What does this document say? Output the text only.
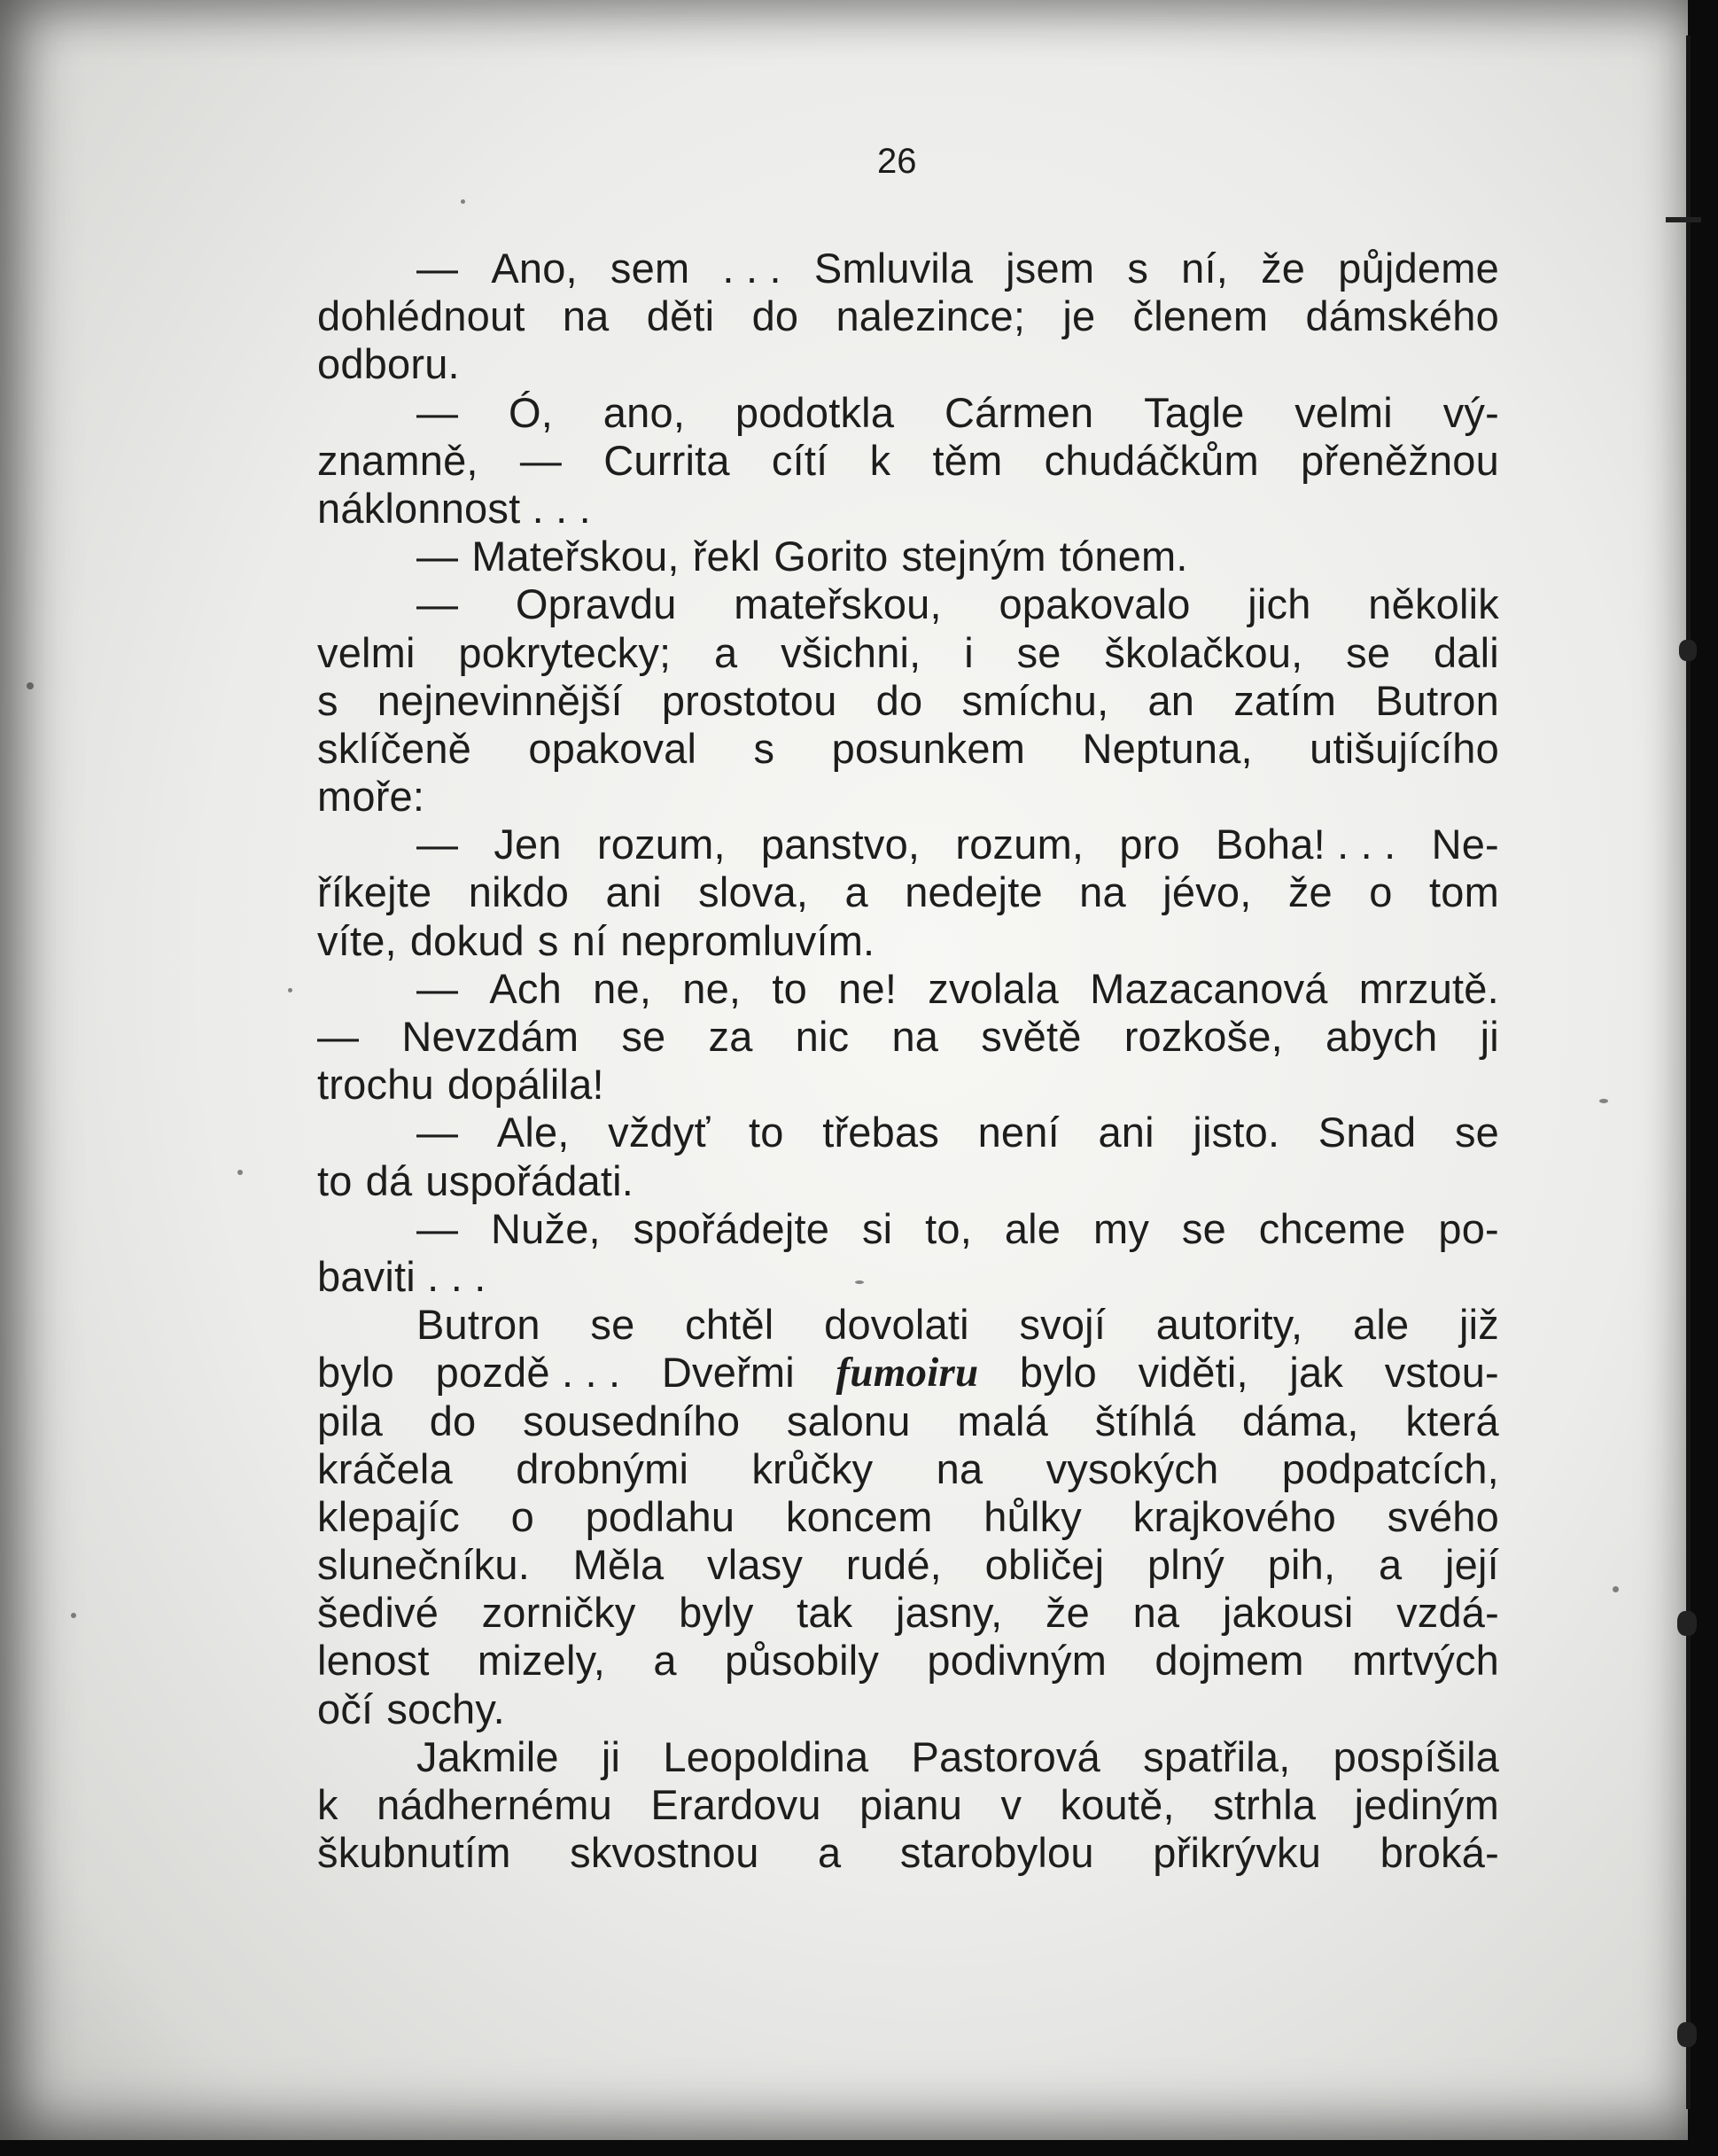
26
— Ano, sem . . . Smluvila jsem s ní, že půjdeme
dohlédnout na děti do nalezince; je členem dámského
odboru.
— Ó, ano, podotkla Cármen Tagle velmi vý-
znamně, — Currita cítí k těm chudáčkům přeněžnou
náklonnost . . .
— Mateřskou, řekl Gorito stejným tónem.
— Opravdu mateřskou, opakovalo jich několik
velmi pokrytecky; a všichni, i se školačkou, se dali
s nejnevinnější prostotou do smíchu, an zatím Butron
sklíčeně opakoval s posunkem Neptuna, utišujícího
moře:
— Jen rozum, panstvo, rozum, pro Boha! . . . Ne-
říkejte nikdo ani slova, a nedejte na jévo, že o tom
víte, dokud s ní nepromluvím.
— Ach ne, ne, to ne! zvolala Mazacanová mrzutě.
— Nevzdám se za nic na světě rozkoše, abych ji
trochu dopálila!
— Ale, vždyť to třebas není ani jisto. Snad se
to dá uspořádati.
— Nuže, spořádejte si to, ale my se chceme po-
baviti . . .
Butron se chtěl dovolati svojí autority, ale již
bylo pozdě . . . Dveřmi fumoiru bylo viděti, jak vstou-
pila do sousedního salonu malá štíhlá dáma, která
kráčela drobnými krůčky na vysokých podpatcích,
klepajíc o podlahu koncem hůlky krajkového svého
slunečníku. Měla vlasy rudé, obličej plný pih, a její
šedivé zorničky byly tak jasny, že na jakousi vzdá-
lenost mizely, a působily podivným dojmem mrtvých
očí sochy.
Jakmile ji Leopoldina Pastorová spatřila, pospíšila
k nádhernému Erardovu pianu v koutě, strhla jediným
škubnutím skvostnou a starobylou přikrývku broká-
